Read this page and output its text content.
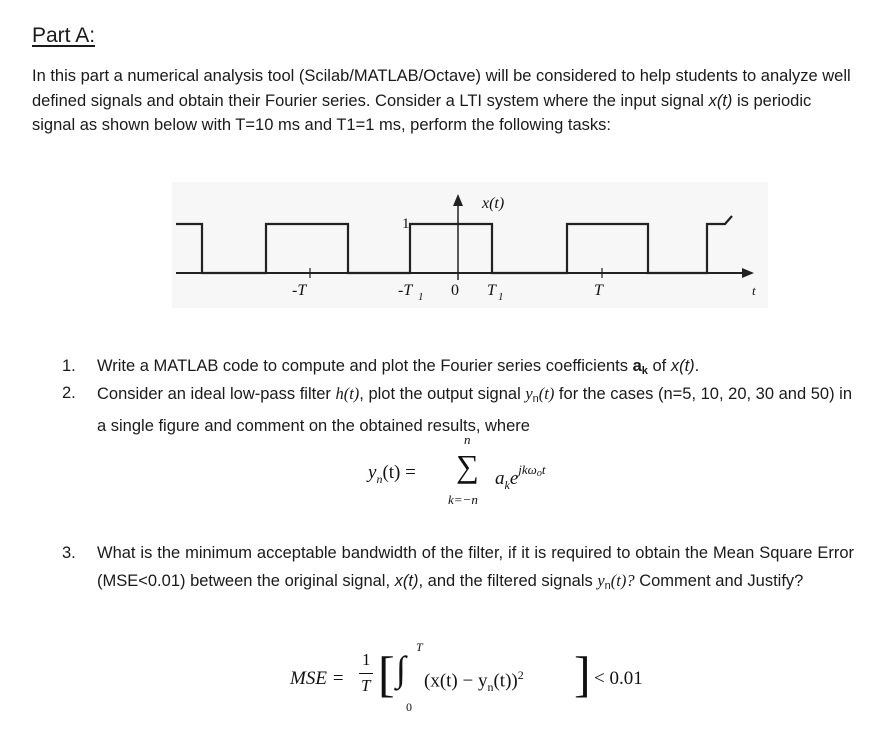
Part A:
In this part a numerical analysis tool (Scilab/MATLAB/Octave) will be considered to help students to analyze well defined signals and obtain their Fourier series. Consider a LTI system where the input signal x(t) is periodic signal as shown below with T=10 ms and T1=1 ms, perform the following tasks:
x(t)
1
-T	-T 1 0 T 1	T	t
1. Write a MATLAB code to compute and plot the Fourier series coefficients $a_k$ of x(t).
2. Consider an ideal low-pass filter h(t), plot the output signal $y_n(t)$ for the cases (n=5, 10, 20, 30 and 50) in a single figure and comment on the obtained results, where
$y_n(t)$ =
n
∑
k=−n
$a_ke^{jk\omega_ot}$
3. What is the minimum acceptable bandwidth of the filter, if it is required to obtain the Mean Square Error (MSE<0.01) between the original signal, x(t), and the filtered signals $y_n(t)$? Comment and Justify?
MSE =
1
T [ ∫
T
0
$(x(t) - y_n(t))^2$ ] < 0.01
